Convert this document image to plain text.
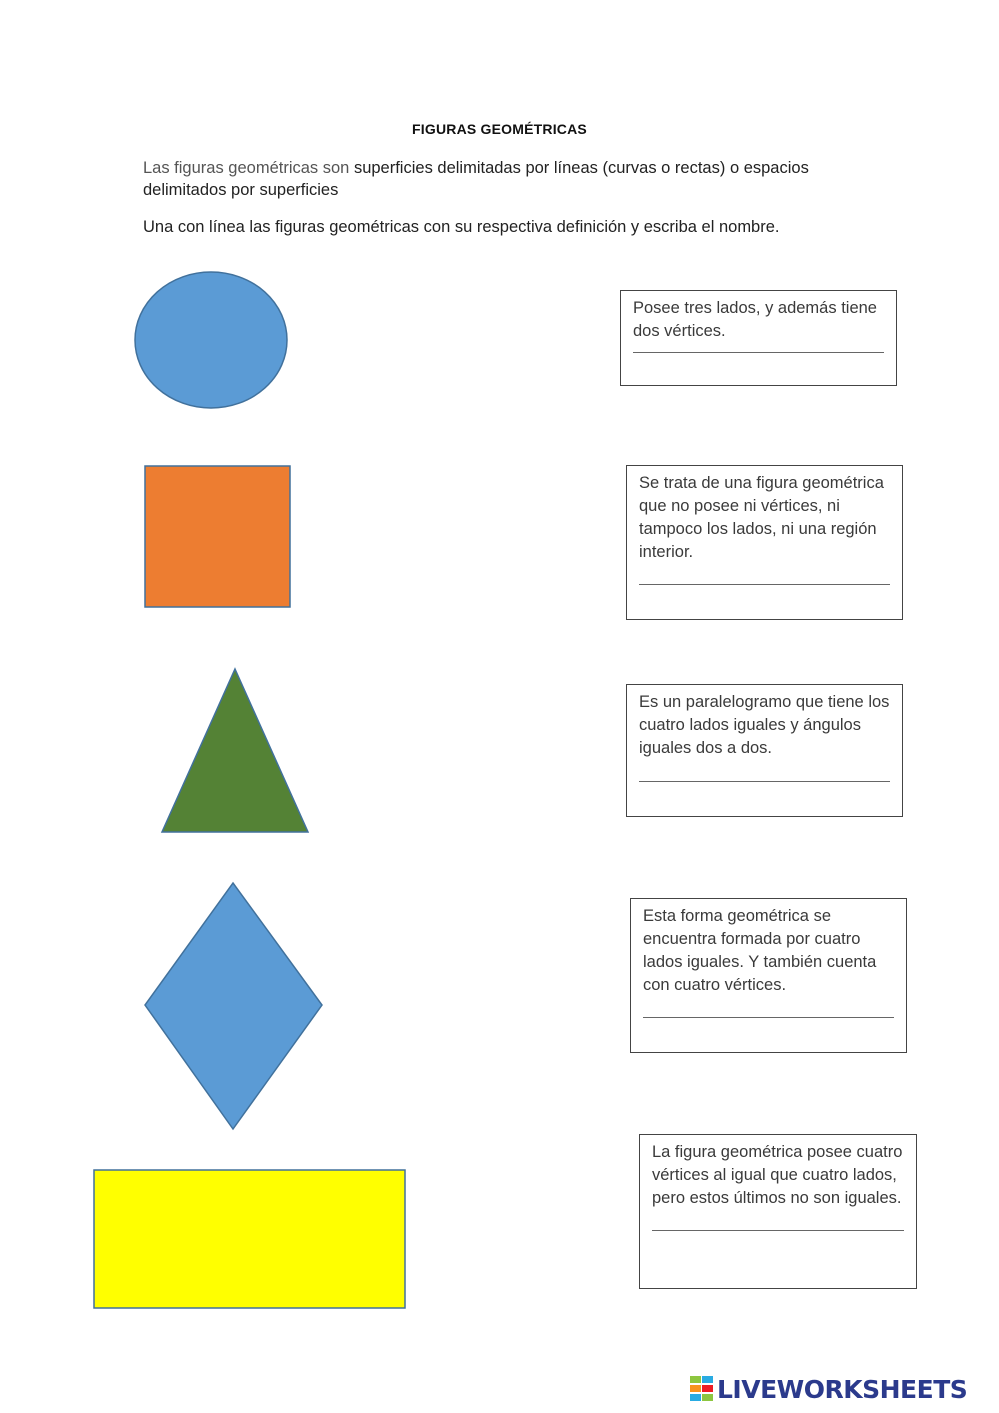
FIGURAS GEOMÉTRICAS
Las figuras geométricas son superficies delimitadas por líneas (curvas o rectas) o espacios delimitados por superficies
Una con línea las figuras geométricas con su respectiva definición y escriba el nombre.
Posee tres lados, y además tiene dos vértices.
Se trata de una figura geométrica que no posee ni vértices, ni tampoco los lados, ni una región interior.
Es un paralelogramo que tiene los cuatro lados iguales y ángulos iguales dos a dos.
Esta forma geométrica se encuentra formada por cuatro lados iguales. Y también cuenta con cuatro vértices.
La figura geométrica posee cuatro vértices al igual que cuatro lados, pero estos últimos no son iguales.
LIVEWORKSHEETS
